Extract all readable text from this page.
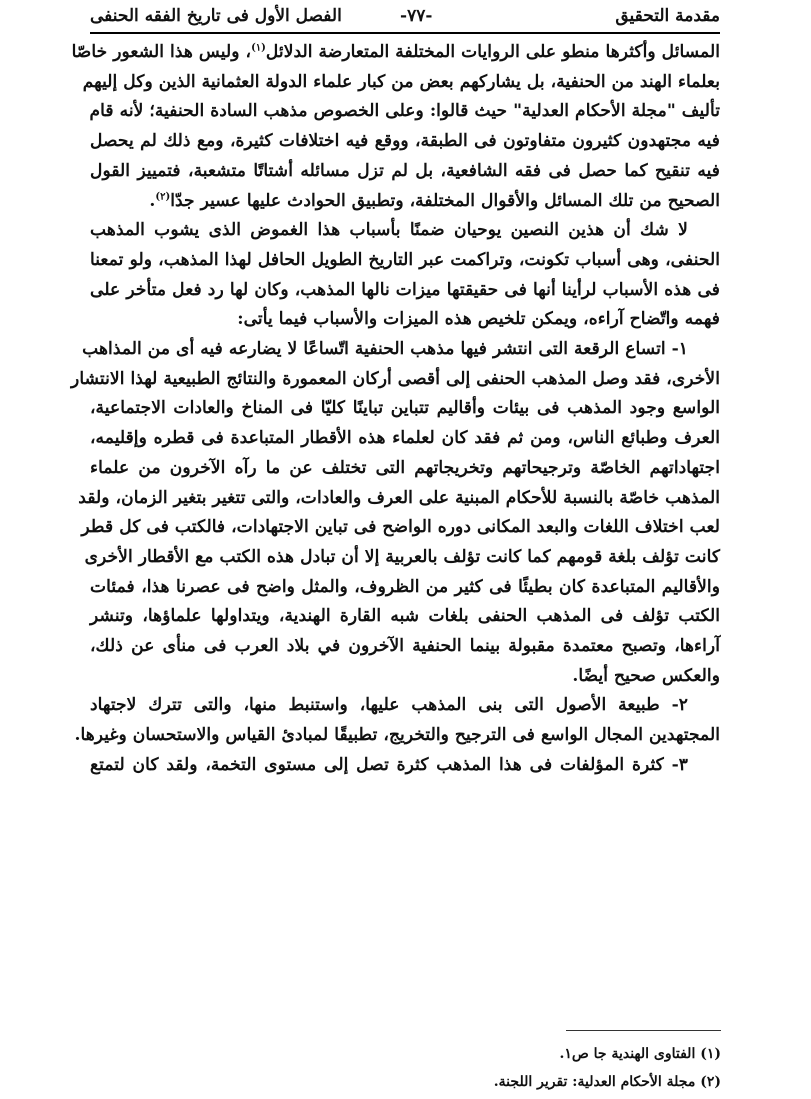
مقدمة التحقيق
-٧٧-
الفصل الأول فى تاريخ الفقه الحنفى
المسائل وأكثرها منطو على الروايات المختلفة المتعارضة الدلائل$^{(١)}$، وليس هذا الشعور خاصّا
بعلماء الهند من الحنفية، بل يشاركهم بعض من كبار علماء الدولة العثمانية الذين وكل إليهم
تأليف "مجلة الأحكام العدلية" حيث قالوا: وعلى الخصوص مذهب السادة الحنفية؛ لأنه قام
فيه مجتهدون كثيرون متفاوتون فى الطبقة، ووقع فيه اختلافات كثيرة، ومع ذلك لم يحصل
فيه تنقيح كما حصل فى فقه الشافعية، بل لم تزل مسائله أشتاتًا متشعبة، فتمييز القول
الصحيح من تلك المسائل والأقوال المختلفة، وتطبيق الحوادث عليها عسير جدّا$^{(٢)}$.
لا شك أن هذين النصين يوحيان ضمنًا بأسباب هذا الغموض الذى يشوب المذهب
الحنفى، وهى أسباب تكونت، وتراكمت عبر التاريخ الطويل الحافل لهذا المذهب، ولو تمعنا
فى هذه الأسباب لرأينا أنها فى حقيقتها ميزات نالها المذهب، وكان لها رد فعل متأخر على
فهمه واتّضاح آراءه، ويمكن تلخيص هذه الميزات والأسباب فيما يأتى:
١- اتساع الرقعة التى انتشر فيها مذهب الحنفية اتّساعًا لا يضارعه فيه أى من المذاهب
الأخرى، فقد وصل المذهب الحنفى إلى أقصى أركان المعمورة والنتائج الطبيعية لهذا الانتشار
الواسع وجود المذهب فى بيئات وأقاليم تتباين تباينًا كليّا فى المناخ والعادات الاجتماعية،
العرف وطبائع الناس، ومن ثم فقد كان لعلماء هذه الأقطار المتباعدة فى قطره وإقليمه،
اجتهاداتهم الخاصّة وترجيحاتهم وتخريجاتهم التى تختلف عن ما رآه الآخرون من علماء
المذهب خاصّة بالنسبة للأحكام المبنية على العرف والعادات، والتى تتغير بتغير الزمان، ولقد
لعب اختلاف اللغات والبعد المكانى دوره الواضح فى تباين الاجتهادات، فالكتب فى كل قطر
كانت تؤلف بلغة قومهم كما كانت تؤلف بالعربية إلا أن تبادل هذه الكتب مع الأقطار الأخرى
والأقاليم المتباعدة كان بطيئًا فى كثير من الظروف، والمثل واضح فى عصرنا هذا، فمئات
الكتب تؤلف فى المذهب الحنفى بلغات شبه القارة الهندية، ويتداولها علماؤها، وتنشر
آراءها، وتصبح معتمدة مقبولة بينما الحنفية الآخرون في بلاد العرب فى منأى عن ذلك،
والعكس صحيح أيضًا.
٢- طبيعة الأصول التى بنى المذهب عليها، واستنبط منها، والتى تترك لاجتهاد
المجتهدين المجال الواسع فى الترجيح والتخريج، تطبيقًا لمبادئ القياس والاستحسان وغيرها.
٣- كثرة المؤلفات فى هذا المذهب كثرة تصل إلى مستوى التخمة، ولقد كان لتمتع
(١) الفتاوى الهندية جا ص١.
(٢) مجلة الأحكام العدلية: تقرير اللجنة.
